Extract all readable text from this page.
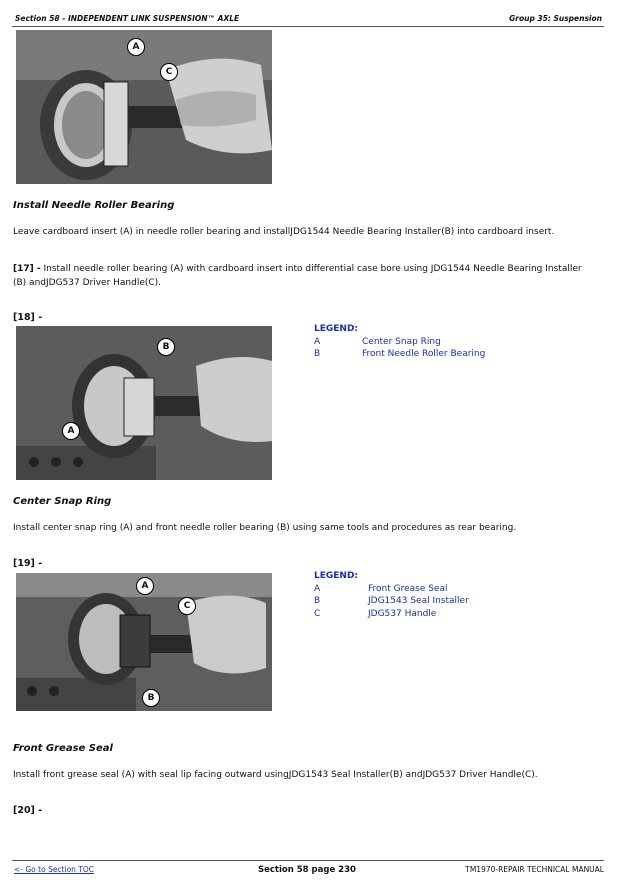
Section 58 - INDEPENDENT LINK SUSPENSION™ AXLE	Group 35: Suspension
A
C
Install Needle Roller Bearing
Leave cardboard insert (A) in needle roller bearing and installJDG1544 Needle Bearing Installer(B) into cardboard insert.
[17] - Install needle roller bearing (A) with cardboard insert into differential case bore using JDG1544 Needle Bearing Installer
(B) andJDG537 Driver Handle(C).
[18] -
B
A
LEGEND:
A	Center Snap Ring
B	Front Needle Roller Bearing
Center Snap Ring
Install center snap ring (A) and front needle roller bearing (B) using same tools and procedures as rear bearing.
[19] -
A
C
B
LEGEND:
A	Front Grease Seal
B	JDG1543 Seal Installer
C	JDG537 Handle
Front Grease Seal
Install front grease seal (A) with seal lip facing outward usingJDG1543 Seal Installer(B) andJDG537 Driver Handle(C).
[20] -
<- Go to Section TOC	Section 58 page 230	TM1970-REPAIR TECHNICAL MANUAL
